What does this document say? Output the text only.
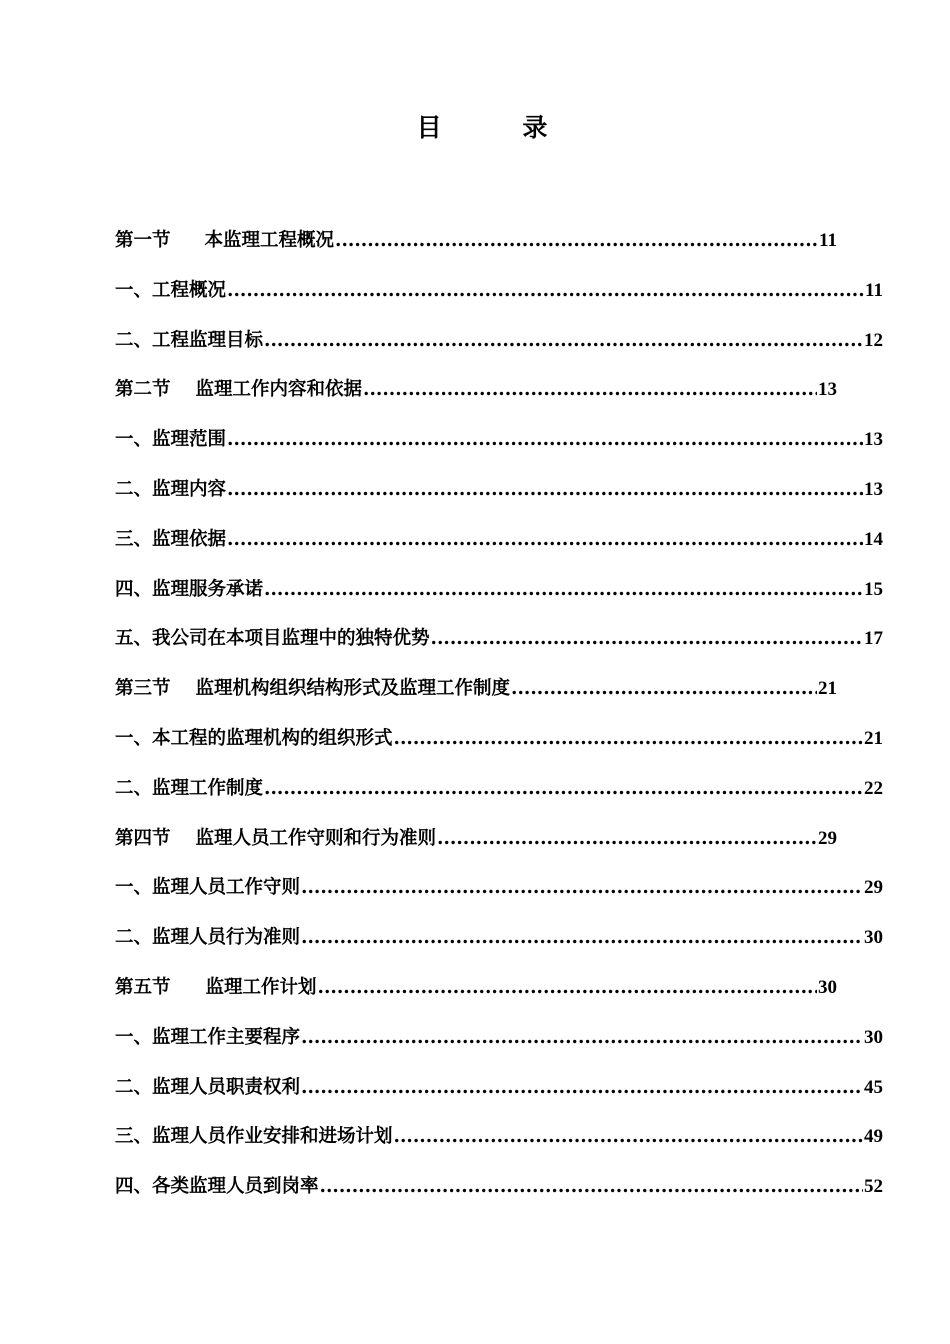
目 录
第一节 本监理工程概况 .....	11
一、工程概况 .....	11
二、工程监理目标 .....	12
第二节 监理工作内容和依据 .....	13
一、监理范围 .....	13
二、监理内容 .....	13
三、监理依据 .....	14
四、监理服务承诺 .....	15
五、我公司在本项目监理中的独特优势 .....	17
第三节 监理机构组织结构形式及监理工作制度 .....	21
一、本工程的监理机构的组织形式 .....	21
二、监理工作制度 .....	22
第四节 监理人员工作守则和行为准则 .....	29
一、监理人员工作守则 .....	29
二、监理人员行为准则 .....	30
第五节 监理工作计划 .....	30
一、监理工作主要程序 .....	30
二、监理人员职责权利 .....	45
三、监理人员作业安排和进场计划 .....	49
四、各类监理人员到岗率 .....	52
